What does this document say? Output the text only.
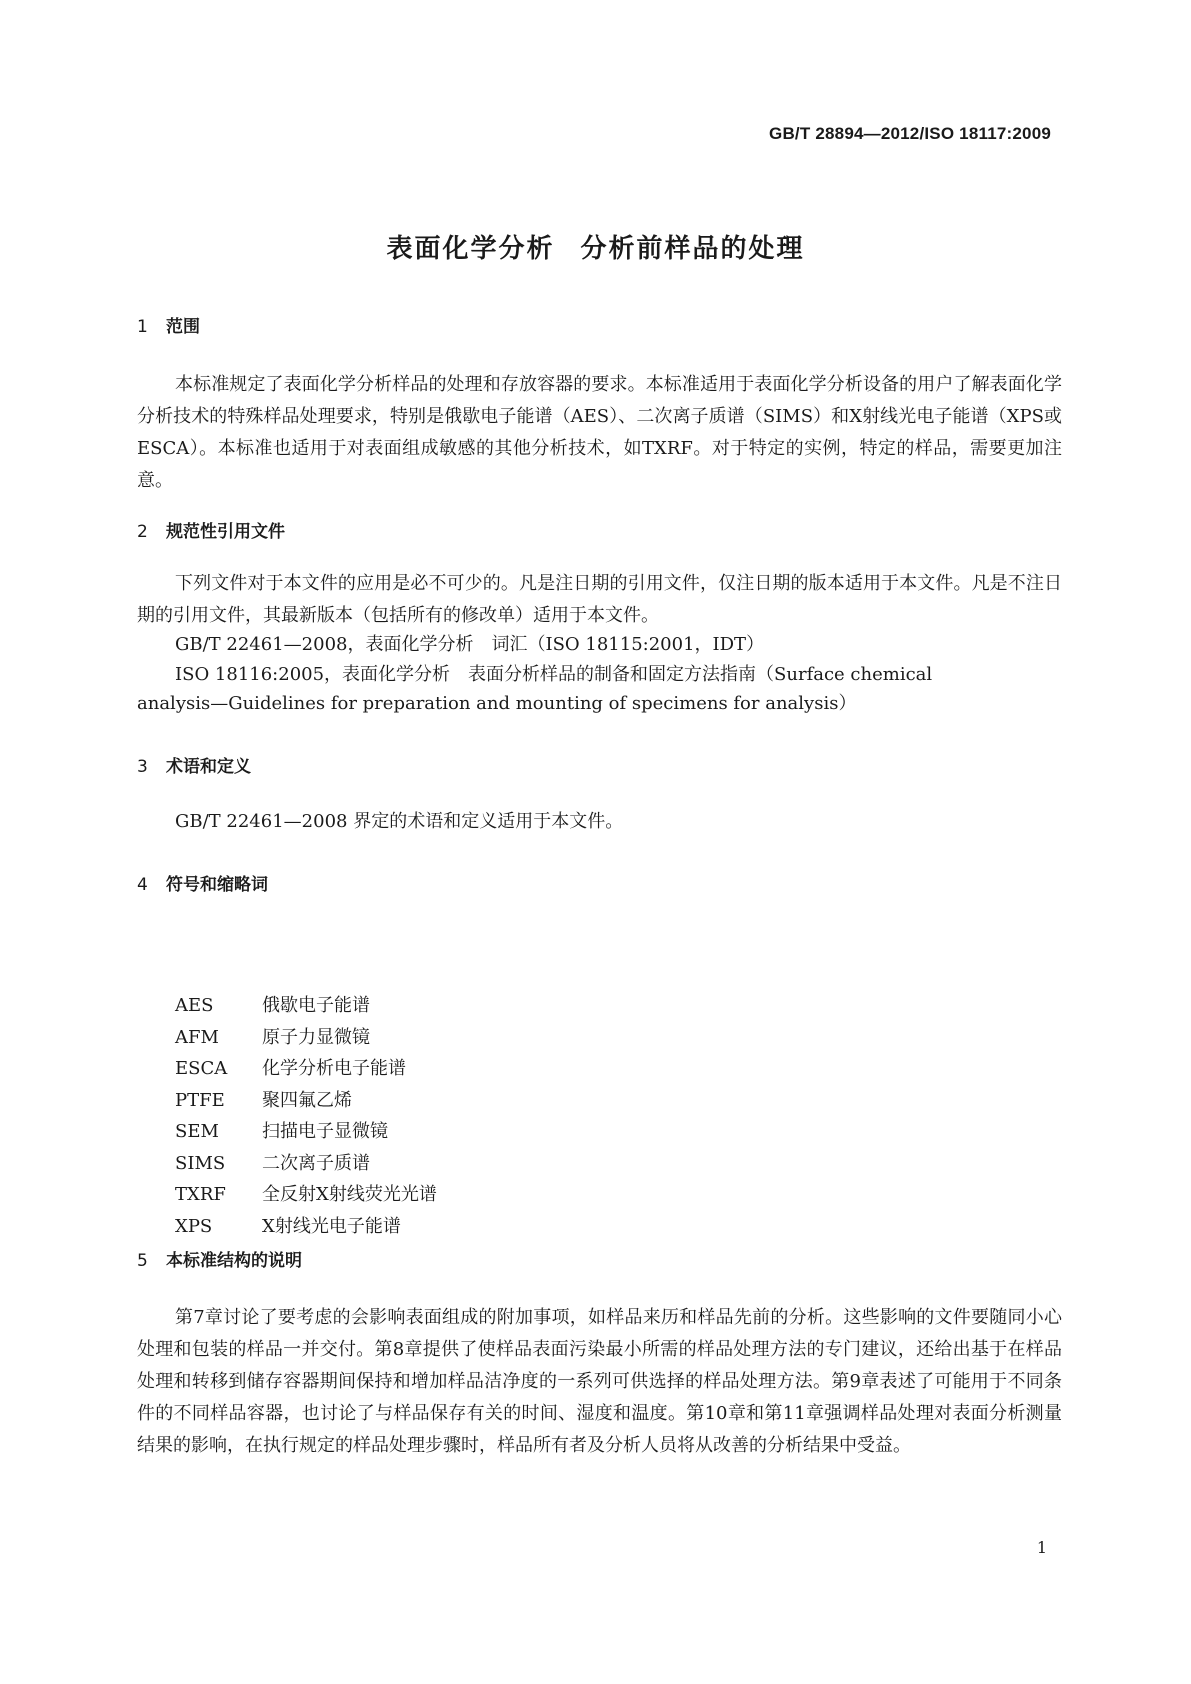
GB/T 28894—2012/ISO 18117:2009
表面化学分析 分析前样品的处理
1 范围

本标准规定了表面化学分析样品的处理和存放容器的要求。本标准适用于表面化学分析设备的用户了解表面化学分析技术的特殊样品处理要求，特别是俄歇电子能谱（AES）、二次离子质谱（SIMS）和X射线光电子能谱（XPS或ESCA）。本标准也适用于对表面组成敏感的其他分析技术，如TXRF。对于特定的实例，特定的样品，需要更加注意。

2 规范性引用文件

下列文件对于本文件的应用是必不可少的。凡是注日期的引用文件，仅注日期的版本适用于本文件。凡是不注日期的引用文件，其最新版本（包括所有的修改单）适用于本文件。

GB/T 22461—2008，表面化学分析　词汇（ISO 18115:2001，IDT）
ISO 18116:2005，表面化学分析　表面分析样品的制备和固定方法指南（Surface chemical
analysis—Guidelines for preparation and mounting of specimens for analysis）
3 术语和定义

GB/T 22461—2008 界定的术语和定义适用于本文件。

4 符号和缩略词
AES	俄歇电子能谱
AFM 原子力显微镜
ESCA 化学分析电子能谱
PTFE 聚四氟乙烯
SEM 扫描电子显微镜
SIMS 二次离子质谱
TXRF 全反射X射线荧光光谱
XPS	X射线光电子能谱
5 本标准结构的说明

第7章讨论了要考虑的会影响表面组成的附加事项，如样品来历和样品先前的分析。这些影响的文件要随同小心处理和包装的样品一并交付。第8章提供了使样品表面污染最小所需的样品处理方法的专门建议，还给出基于在样品处理和转移到储存容器期间保持和增加样品洁净度的一系列可供选择的样品处理方法。第9章表述了可能用于不同条件的不同样品容器，也讨论了与样品保存有关的时间、湿度和温度。第10章和第11章强调样品处理对表面分析测量结果的影响，在执行规定的样品处理步骤时，样品所有者及分析人员将从改善的分析结果中受益。

1
